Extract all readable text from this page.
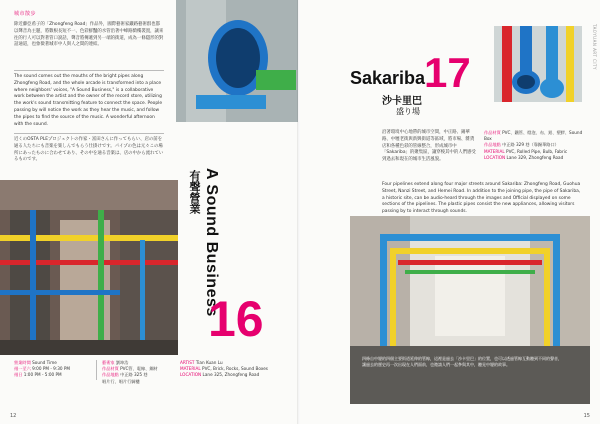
城市散步

除近藤亞希子的「Zhongfeng Road」作品外，國際藝術家鐵路藝術群也都以聲音為主題，將數根長短不一、色彩鮮豔的水管沿著中峰路騎樓裝置，讓來往的行人可以對著管口說話，聲音將傳遞到另一端的街道，成為一條隱形的對話通道，也象徵著城市中人與人之間的連結。

The sound comes out the mouths of the bright pipes along Zhongfeng Road, and the whole arcade is transformed into a place where neighbors' voices, "A Sound Business," is a collaborative work between the artist and the owner of the record store, utilizing the work's sound transmitting feature to connect the space. People passing by will notice the work as they hear the music, and follow the pipes to find the source of the music. A wonderful afternoon with the sound.

近くのOSTA PLEプロジェクトの作家・富田さんに作ってもらい、店の前を通る人たちにも音楽を楽しんでもらう仕掛けです。パイプの色は元々この場所にあったものに合わせてあり、その中を通る音楽は、店の中から流れているものです。

A Sound Business
有聲營業
16
營業時間 Sound Time
週一至六 9:00 PM - 9:30 PM
週日 1:00 PM - 5:00 PM
藝術家 劉坤浩
作品材質 PVC管、電線、鋼材
作品地點 中正路 325 巷
唱片行、唱片行騎樓
ARTIST Tian Kuan Lu
MATERIAL PVC, Brick, Rocks, Sound Boxes
LOCATION Lane 325, Zhongfeng Road
12
TAOYUAN ART CITY
Sakariba
17
沙卡里巴
盛り場

沿著環境中心地帶的城市空間，中正路、錫華路、中壢老街與新興街道等區域，將市場、雜貨店和各種色彩的管線整合，形成城市中「Sakariba」的聚集區，讓穿梭其中的人們感受到過去和現在的城市生活風貌。

作品材質 PVC、鐵管、燈泡、布、鋁、塑膠、Sound Box
作品地點 中正路 329 巷（靠錫華路口）
MATERIAL PVC, Rolled Pipe, Bulb, Fabric
LOCATION Lane 329, Zhongfeng Road

Four pipelines extend along four major streets around Sakariba: Zhongfeng Road, Guohua Street, Nanzi Street, and Hemei Road. In addition to the joining pipe, the pipe of Sakariba, a historic site, can be audio-heard through the images and Official displayed on some sections of the pipelines. The plastic pipes consist the new appliances, allowing visitors passing by to interact through sounds.

四條自中壢的四個主要街道延伸的管線，這裡是過去「沙卡里巴」的位置，也可以透過管線互動聽到不同的聲音，讓過去的歷史再一次出現在人們面前，也邀請人們一起參與其中，聽見中壢的故事。

15
